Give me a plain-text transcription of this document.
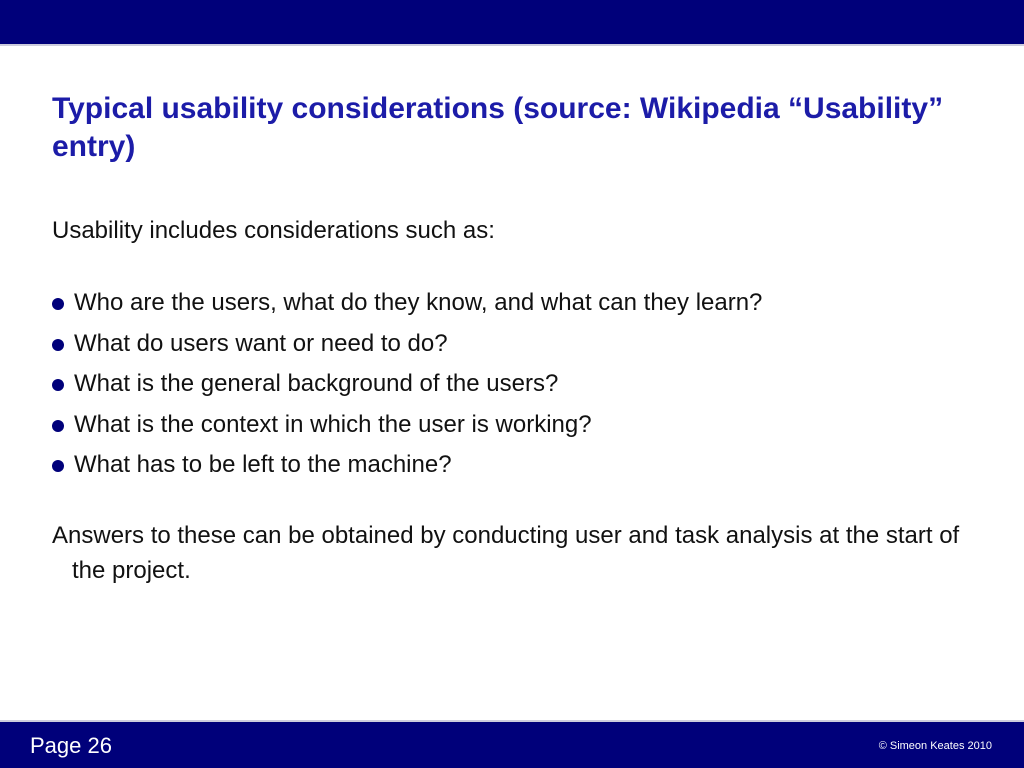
Typical usability considerations (source: Wikipedia “Usability” entry)

Usability includes considerations such as:

Who are the users, what do they know, and what can they learn?
What do users want or need to do?
What is the general background of the users?
What is the context in which the user is working?
What has to be left to the machine?

Answers to these can be obtained by conducting user and task analysis at the start of the project.

Page 26	© Simeon Keates 2010
